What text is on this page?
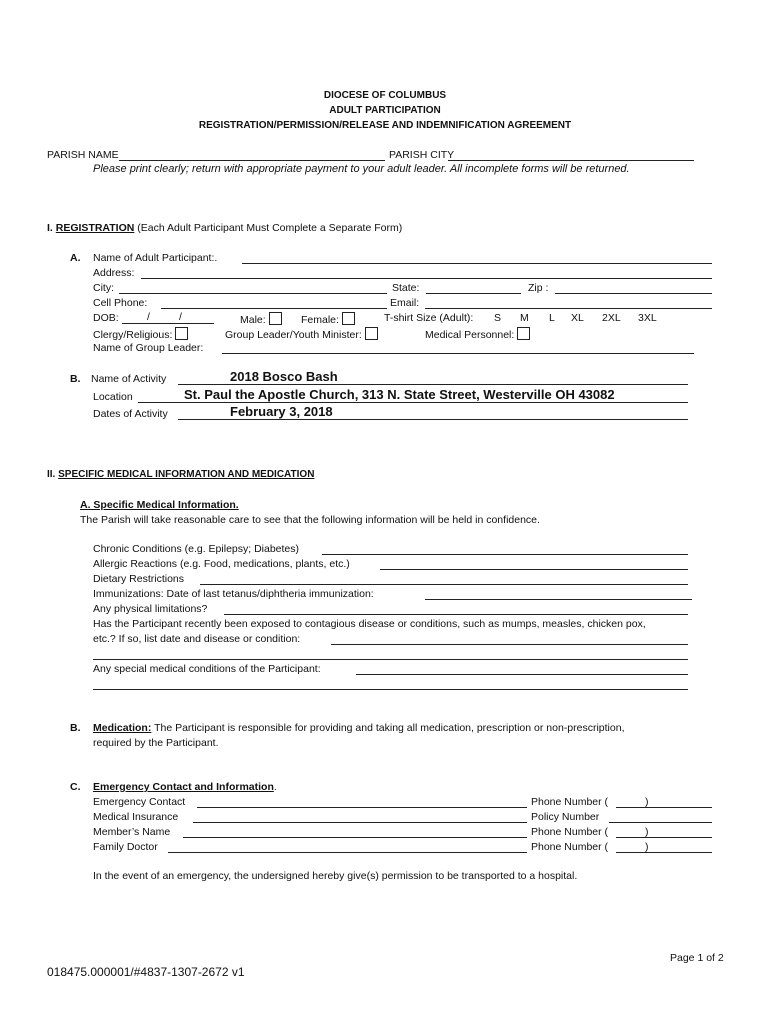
DIOCESE OF COLUMBUS
ADULT PARTICIPATION
REGISTRATION/PERMISSION/RELEASE AND INDEMNIFICATION AGREEMENT
PARISH NAME	PARISH CITY
Please print clearly; return with appropriate payment to your adult leader. All incomplete forms will be returned.
I. REGISTRATION (Each Adult Participant Must Complete a Separate Form)
A. Name of Adult Participant:.
Address:
City:	State:	Zip :
Cell Phone:	Email:
DOB:	/	/	Male:	Female:	T-shirt Size (Adult): S M L XL 2XL 3XL
Clergy/Religious:	Group Leader/Youth Minister:	Medical Personnel:
Name of Group Leader:
B. Name of Activity	2018 Bosco Bash
Location	St. Paul the Apostle Church, 313 N. State Street, Westerville OH 43082
Dates of Activity	February 3, 2018
II. SPECIFIC MEDICAL INFORMATION AND MEDICATION
A. Specific Medical Information.
The Parish will take reasonable care to see that the following information will be held in confidence.
Chronic Conditions (e.g. Epilepsy; Diabetes)
Allergic Reactions (e.g. Food, medications, plants, etc.)
Dietary Restrictions
Immunizations: Date of last tetanus/diphtheria immunization:
Any physical limitations?
Has the Participant recently been exposed to contagious disease or conditions, such as mumps, measles, chicken pox,
etc.? If so, list date and disease or condition:
Any special medical conditions of the Participant:
B. Medication: The Participant is responsible for providing and taking all medication, prescription or non-prescription,
required by the Participant.
C. Emergency Contact and Information.
Emergency Contact	Phone Number (	)
Medical Insurance	Policy Number
Member’s Name	Phone Number (	)
Family Doctor	Phone Number (	)
In the event of an emergency, the undersigned hereby give(s) permission to be transported to a hospital.
Page 1 of 2
018475.000001/#4837-1307-2672 v1
